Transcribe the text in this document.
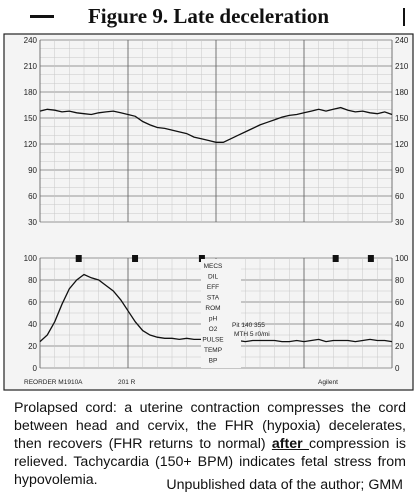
Figure 9. Late deceleration
240
210
180
150
120
90
60
30
240
210
180
150
120
90
60
30
100
80
60
40
20
0
100
80
60
40
20
0
MECS
DIL
EFF
STA
ROM
pH
O2
PULSE
TEMP
BP
Pit 140 355
MTH 5 r0/mi
REORDER M1910A	201 R	Agilent
Prolapsed cord: a uterine contraction compresses the cord between head and cervix, the FHR (hypoxia) decelerates, then recovers (FHR returns to normal) after compression is relieved. Tachycardia (150+ BPM) indicates fetal stress from hypovolemia.	Unpublished data of the author; GMM
